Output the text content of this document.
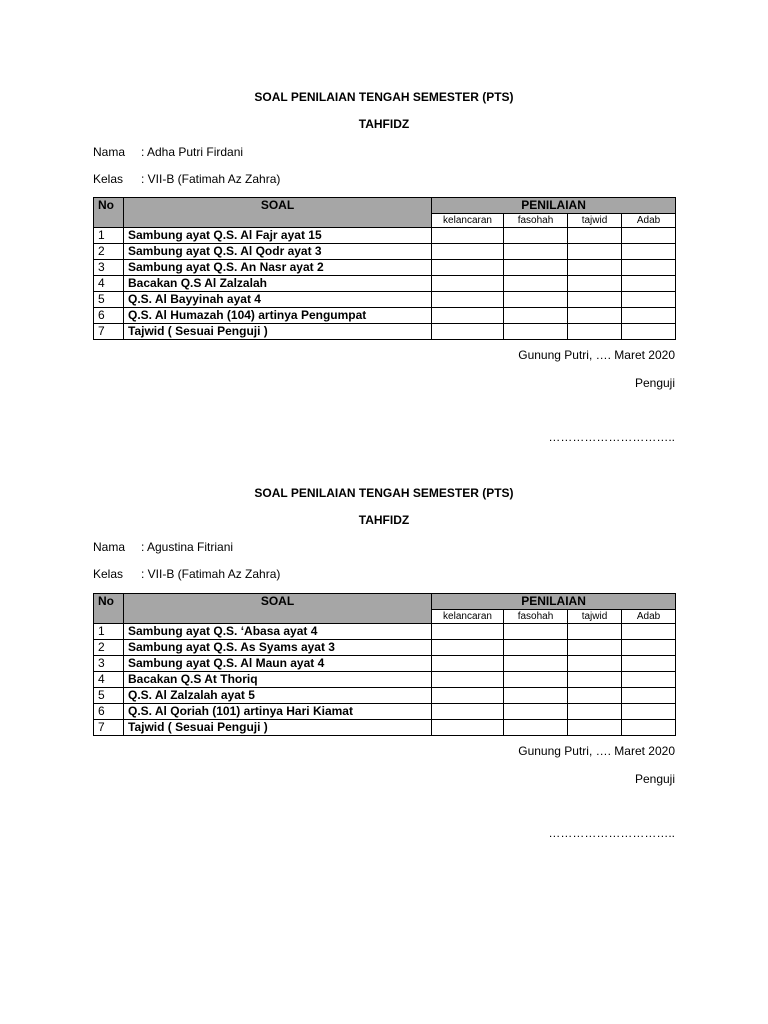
SOAL PENILAIAN TENGAH SEMESTER (PTS)
TAHFIDZ
Nama : Adha Putri Firdani
Kelas : VII-B (Fatimah Az Zahra)
No	SOAL	PENILAIAN			
		kelancaran	fasohah	tajwid	Adab
1	Sambung ayat Q.S. Al Fajr ayat 15				
2	Sambung ayat Q.S. Al Qodr ayat 3				
3	Sambung ayat Q.S. An Nasr ayat 2				
4	Bacakan Q.S Al Zalzalah				
5	Q.S. Al Bayyinah ayat 4				
6	Q.S. Al Humazah (104) artinya Pengumpat				
7	Tajwid ( Sesuai Penguji )				
Gunung Putri, …. Maret 2020
Penguji
…………………………..
SOAL PENILAIAN TENGAH SEMESTER (PTS)
TAHFIDZ
Nama : Agustina Fitriani
Kelas : VII-B (Fatimah Az Zahra)
No	SOAL	PENILAIAN			
		kelancaran	fasohah	tajwid	Adab
1	Sambung ayat Q.S. ‘Abasa ayat 4				
2	Sambung ayat Q.S. As Syams ayat 3				
3	Sambung ayat Q.S. Al Maun ayat 4				
4	Bacakan Q.S At Thoriq				
5	Q.S. Al Zalzalah ayat 5				
6	Q.S. Al Qoriah (101) artinya Hari Kiamat				
7	Tajwid ( Sesuai Penguji )				
Gunung Putri, …. Maret 2020
Penguji
…………………………..
